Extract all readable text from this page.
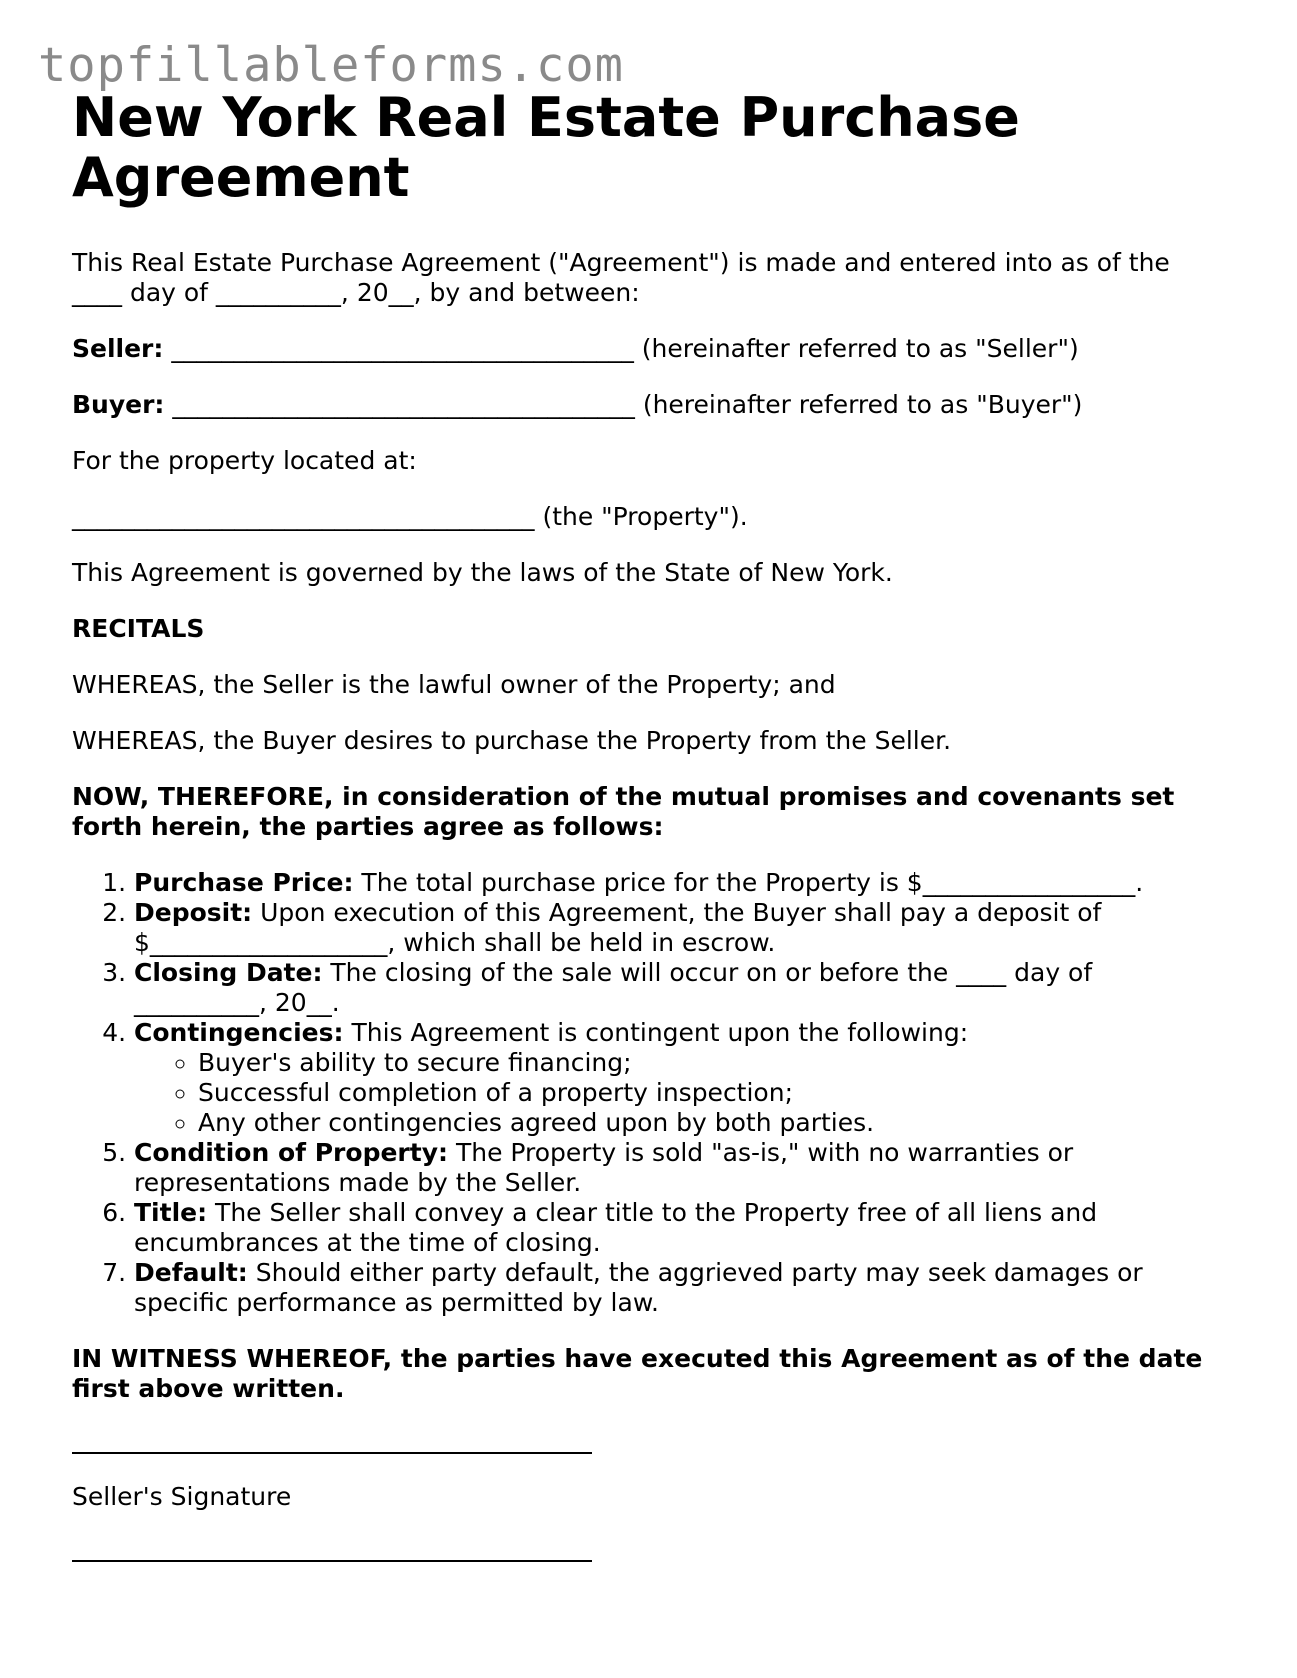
topfillableforms.com
New York Real Estate Purchase Agreement

This Real Estate Purchase Agreement ("Agreement") is made and entered into as of the ____ day of __________, 20__, by and between:

Seller: _____________________________________ (hereinafter referred to as "Seller")

Buyer: _____________________________________ (hereinafter referred to as "Buyer")

For the property located at:

_____________________________________ (the "Property").

This Agreement is governed by the laws of the State of New York.

RECITALS

WHEREAS, the Seller is the lawful owner of the Property; and

WHEREAS, the Buyer desires to purchase the Property from the Seller.

NOW, THEREFORE, in consideration of the mutual promises and covenants set forth herein, the parties agree as follows:

1. Purchase Price: The total purchase price for the Property is $_________________.
2. Deposit: Upon execution of this Agreement, the Buyer shall pay a deposit of $___________________, which shall be held in escrow.
3. Closing Date: The closing of the sale will occur on or before the ____ day of __________, 20__.
4. Contingencies: This Agreement is contingent upon the following:
◦ Buyer's ability to secure financing;
◦ Successful completion of a property inspection;
◦ Any other contingencies agreed upon by both parties.
5. Condition of Property: The Property is sold "as-is," with no warranties or representations made by the Seller.
6. Title: The Seller shall convey a clear title to the Property free of all liens and encumbrances at the time of closing.
7. Default: Should either party default, the aggrieved party may seek damages or specific performance as permitted by law.

IN WITNESS WHEREOF, the parties have executed this Agreement as of the date first above written.

Seller's Signature
